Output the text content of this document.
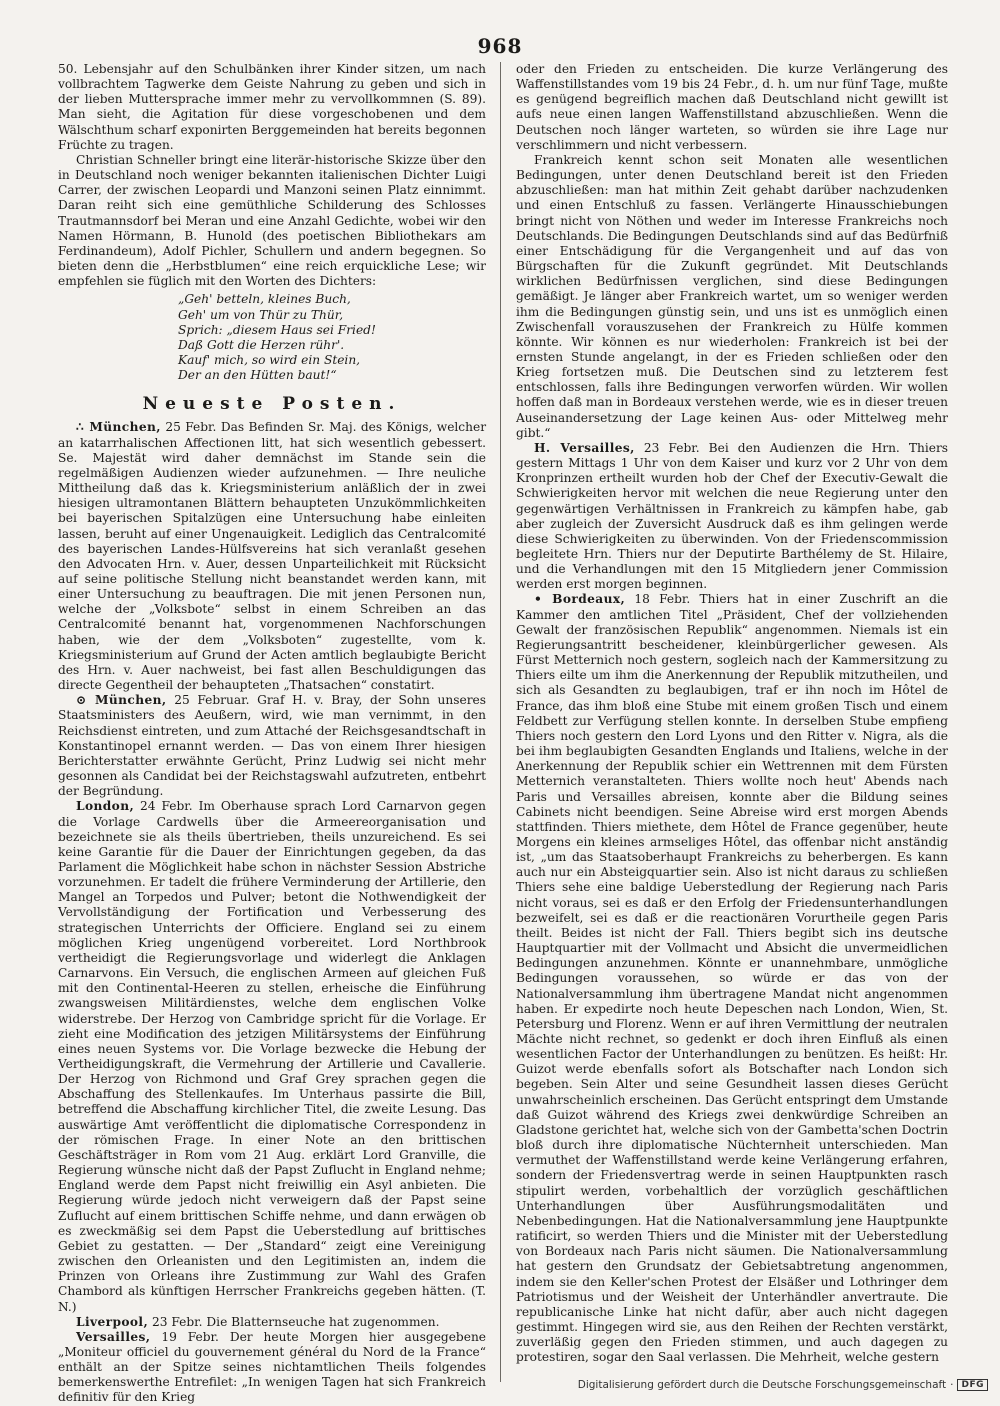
968

50. Lebensjahr auf den Schulbänken ihrer Kinder sitzen, um nach vollbrachtem Tagwerke dem Geiste Nahrung zu geben und sich in der lieben Muttersprache immer mehr zu vervollkommnen (S. 89). Man sieht, die Agitation für diese vorgeschobenen und dem Wälschthum scharf exponirten Berggemeinden hat bereits begonnen Früchte zu tragen.

Christian Schneller bringt eine literär-historische Skizze über den in Deutschland noch weniger bekannten italienischen Dichter Luigi Carrer, der zwischen Leopardi und Manzoni seinen Platz einnimmt. Daran reiht sich eine gemüthliche Schilderung des Schlosses Trautmannsdorf bei Meran und eine Anzahl Gedichte, wobei wir den Namen Hörmann, B. Hunold (des poetischen Bibliothekars am Ferdinandeum), Adolf Pichler, Schullern und andern begegnen. So bieten denn die „Herbstblumen“ eine reich erquickliche Lese; wir empfehlen sie füglich mit den Worten des Dichters:

„Geh' betteln, kleines Buch,
Geh' um von Thür zu Thür,
Sprich: „diesem Haus sei Fried!
Daß Gott die Herzen rühr'.
Kauf' mich, so wird ein Stein,
Der an den Hütten baut!“
Neueste Posten.

∴ München, 25 Febr. Das Befinden Sr. Maj. des Königs, welcher an katarrhalischen Affectionen litt, hat sich wesentlich gebessert. Se. Majestät wird daher demnächst im Stande sein die regelmäßigen Audienzen wieder aufzunehmen. — Ihre neuliche Mittheilung daß das k. Kriegsministerium anläßlich der in zwei hiesigen ultramontanen Blättern behaupteten Unzukömmlichkeiten bei bayerischen Spitalzügen eine Untersuchung habe einleiten lassen, beruht auf einer Ungenauigkeit. Lediglich das Centralcomité des bayerischen Landes-Hülfsvereins hat sich veranlaßt gesehen den Advocaten Hrn. v. Auer, dessen Unparteilichkeit mit Rücksicht auf seine politische Stellung nicht beanstandet werden kann, mit einer Untersuchung zu beauftragen. Die mit jenen Personen nun, welche der „Volksbote“ selbst in einem Schreiben an das Centralcomité benannt hat, vorgenommenen Nachforschungen haben, wie der dem „Volksboten“ zugestellte, vom k. Kriegsministerium auf Grund der Acten amtlich beglaubigte Bericht des Hrn. v. Auer nachweist, bei fast allen Beschuldigungen das directe Gegentheil der behaupteten „Thatsachen“ constatirt.

⊙ München, 25 Februar. Graf H. v. Bray, der Sohn unseres Staatsministers des Aeußern, wird, wie man vernimmt, in den Reichsdienst eintreten, und zum Attaché der Reichsgesandtschaft in Konstantinopel ernannt werden. — Das von einem Ihrer hiesigen Berichterstatter erwähnte Gerücht, Prinz Ludwig sei nicht mehr gesonnen als Candidat bei der Reichstagswahl aufzutreten, entbehrt der Begründung.

London, 24 Febr. Im Oberhause sprach Lord Carnarvon gegen die Vorlage Cardwells über die Armeereorganisation und bezeichnete sie als theils übertrieben, theils unzureichend. Es sei keine Garantie für die Dauer der Einrichtungen gegeben, da das Parlament die Möglichkeit habe schon in nächster Session Abstriche vorzunehmen. Er tadelt die frühere Verminderung der Artillerie, den Mangel an Torpedos und Pulver; betont die Nothwendigkeit der Vervollständigung der Fortification und Verbesserung des strategischen Unterrichts der Officiere. England sei zu einem möglichen Krieg ungenügend vorbereitet. Lord Northbrook vertheidigt die Regierungsvorlage und widerlegt die Anklagen Carnarvons. Ein Versuch, die englischen Armeen auf gleichen Fuß mit den Continental-Heeren zu stellen, erheische die Einführung zwangsweisen Militärdienstes, welche dem englischen Volke widerstrebe. Der Herzog von Cambridge spricht für die Vorlage. Er zieht eine Modification des jetzigen Militärsystems der Einführung eines neuen Systems vor. Die Vorlage bezwecke die Hebung der Vertheidigungskraft, die Vermehrung der Artillerie und Cavallerie. Der Herzog von Richmond und Graf Grey sprachen gegen die Abschaffung des Stellenkaufes. Im Unterhaus passirte die Bill, betreffend die Abschaffung kirchlicher Titel, die zweite Lesung. Das auswärtige Amt veröffentlicht die diplomatische Correspondenz in der römischen Frage. In einer Note an den brittischen Geschäftsträger in Rom vom 21 Aug. erklärt Lord Granville, die Regierung wünsche nicht daß der Papst Zuflucht in England nehme; England werde dem Papst nicht freiwillig ein Asyl anbieten. Die Regierung würde jedoch nicht verweigern daß der Papst seine Zuflucht auf einem brittischen Schiffe nehme, und dann erwägen ob es zweckmäßig sei dem Papst die Ueberstedlung auf brittisches Gebiet zu gestatten. — Der „Standard“ zeigt eine Vereinigung zwischen den Orleanisten und den Legitimisten an, indem die Prinzen von Orleans ihre Zustimmung zur Wahl des Grafen Chambord als künftigen Herrscher Frankreichs gegeben hätten. (T. N.)

Liverpool, 23 Febr. Die Blatternseuche hat zugenommen.

Versailles, 19 Febr. Der heute Morgen hier ausgegebene „Moniteur officiel du gouvernement général du Nord de la France“ enthält an der Spitze seines nichtamtlichen Theils folgendes bemerkenswerthe Entrefilet: „In wenigen Tagen hat sich Frankreich definitiv für den Krieg

oder den Frieden zu entscheiden. Die kurze Verlängerung des Waffenstillstandes vom 19 bis 24 Febr., d. h. um nur fünf Tage, mußte es genügend begreiflich machen daß Deutschland nicht gewillt ist aufs neue einen langen Waffenstillstand abzuschließen. Wenn die Deutschen noch länger warteten, so würden sie ihre Lage nur verschlimmern und nicht verbessern.

Frankreich kennt schon seit Monaten alle wesentlichen Bedingungen, unter denen Deutschland bereit ist den Frieden abzuschließen: man hat mithin Zeit gehabt darüber nachzudenken und einen Entschluß zu fassen. Verlängerte Hinausschiebungen bringt nicht von Nöthen und weder im Interesse Frankreichs noch Deutschlands. Die Bedingungen Deutschlands sind auf das Bedürfniß einer Entschädigung für die Vergangenheit und auf das von Bürgschaften für die Zukunft gegründet. Mit Deutschlands wirklichen Bedürfnissen verglichen, sind diese Bedingungen gemäßigt. Je länger aber Frankreich wartet, um so weniger werden ihm die Bedingungen günstig sein, und uns ist es unmöglich einen Zwischenfall vorauszusehen der Frankreich zu Hülfe kommen könnte. Wir können es nur wiederholen: Frankreich ist bei der ernsten Stunde angelangt, in der es Frieden schließen oder den Krieg fortsetzen muß. Die Deutschen sind zu letzterem fest entschlossen, falls ihre Bedingungen verworfen würden. Wir wollen hoffen daß man in Bordeaux verstehen werde, wie es in dieser treuen Auseinandersetzung der Lage keinen Aus- oder Mittelweg mehr gibt.“

H. Versailles, 23 Febr. Bei den Audienzen die Hrn. Thiers gestern Mittags 1 Uhr von dem Kaiser und kurz vor 2 Uhr von dem Kronprinzen ertheilt wurden hob der Chef der Executiv-Gewalt die Schwierigkeiten hervor mit welchen die neue Regierung unter den gegenwärtigen Verhältnissen in Frankreich zu kämpfen habe, gab aber zugleich der Zuversicht Ausdruck daß es ihm gelingen werde diese Schwierigkeiten zu überwinden. Von der Friedenscommission begleitete Hrn. Thiers nur der Deputirte Barthélemy de St. Hilaire, und die Verhandlungen mit den 15 Mitgliedern jener Commission werden erst morgen beginnen.

• Bordeaux, 18 Febr. Thiers hat in einer Zuschrift an die Kammer den amtlichen Titel „Präsident, Chef der vollziehenden Gewalt der französischen Republik“ angenommen. Niemals ist ein Regierungsantritt bescheidener, kleinbürgerlicher gewesen. Als Fürst Metternich noch gestern, sogleich nach der Kammersitzung zu Thiers eilte um ihm die Anerkennung der Republik mitzutheilen, und sich als Gesandten zu beglaubigen, traf er ihn noch im Hôtel de France, das ihm bloß eine Stube mit einem großen Tisch und einem Feldbett zur Verfügung stellen konnte. In derselben Stube empfieng Thiers noch gestern den Lord Lyons und den Ritter v. Nigra, als die bei ihm beglaubigten Gesandten Englands und Italiens, welche in der Anerkennung der Republik schier ein Wettrennen mit dem Fürsten Metternich veranstalteten. Thiers wollte noch heut' Abends nach Paris und Versailles abreisen, konnte aber die Bildung seines Cabinets nicht beendigen. Seine Abreise wird erst morgen Abends stattfinden. Thiers miethete, dem Hôtel de France gegenüber, heute Morgens ein kleines armseliges Hôtel, das offenbar nicht anständig ist, „um das Staatsoberhaupt Frankreichs zu beherbergen. Es kann auch nur ein Absteigquartier sein. Also ist nicht daraus zu schließen Thiers sehe eine baldige Ueberstedlung der Regierung nach Paris nicht voraus, sei es daß er den Erfolg der Friedensunterhandlungen bezweifelt, sei es daß er die reactionären Vorurtheile gegen Paris theilt. Beides ist nicht der Fall. Thiers begibt sich ins deutsche Hauptquartier mit der Vollmacht und Absicht die unvermeidlichen Bedingungen anzunehmen. Könnte er unannehmbare, unmögliche Bedingungen voraussehen, so würde er das von der Nationalversammlung ihm übertragene Mandat nicht angenommen haben. Er expedirte noch heute Depeschen nach London, Wien, St. Petersburg und Florenz. Wenn er auf ihren Vermittlung der neutralen Mächte nicht rechnet, so gedenkt er doch ihren Einfluß als einen wesentlichen Factor der Unterhandlungen zu benützen. Es heißt: Hr. Guizot werde ebenfalls sofort als Botschafter nach London sich begeben. Sein Alter und seine Gesundheit lassen dieses Gerücht unwahrscheinlich erscheinen. Das Gerücht entspringt dem Umstande daß Guizot während des Kriegs zwei denkwürdige Schreiben an Gladstone gerichtet hat, welche sich von der Gambetta'schen Doctrin bloß durch ihre diplomatische Nüchternheit unterschieden. Man vermuthet der Waffenstillstand werde keine Verlängerung erfahren, sondern der Friedensvertrag werde in seinen Hauptpunkten rasch stipulirt werden, vorbehaltlich der vorzüglich geschäftlichen Unterhandlungen über Ausführungsmodalitäten und Nebenbedingungen. Hat die Nationalversammlung jene Hauptpunkte ratificirt, so werden Thiers und die Minister mit der Ueberstedlung von Bordeaux nach Paris nicht säumen. Die Nationalversammlung hat gestern den Grundsatz der Gebietsabtretung angenommen, indem sie den Keller'schen Protest der Elsäßer und Lothringer dem Patriotismus und der Weisheit der Unterhändler anvertraute. Die republicanische Linke hat nicht dafür, aber auch nicht dagegen gestimmt. Hingegen wird sie, aus den Reihen der Rechten verstärkt, zuverläßig gegen den Frieden stimmen, und auch dagegen zu protestiren, sogar den Saal verlassen. Die Mehrheit, welche gestern

Digitalisierung gefördert durch die Deutsche Forschungsgemeinschaft · DFG
